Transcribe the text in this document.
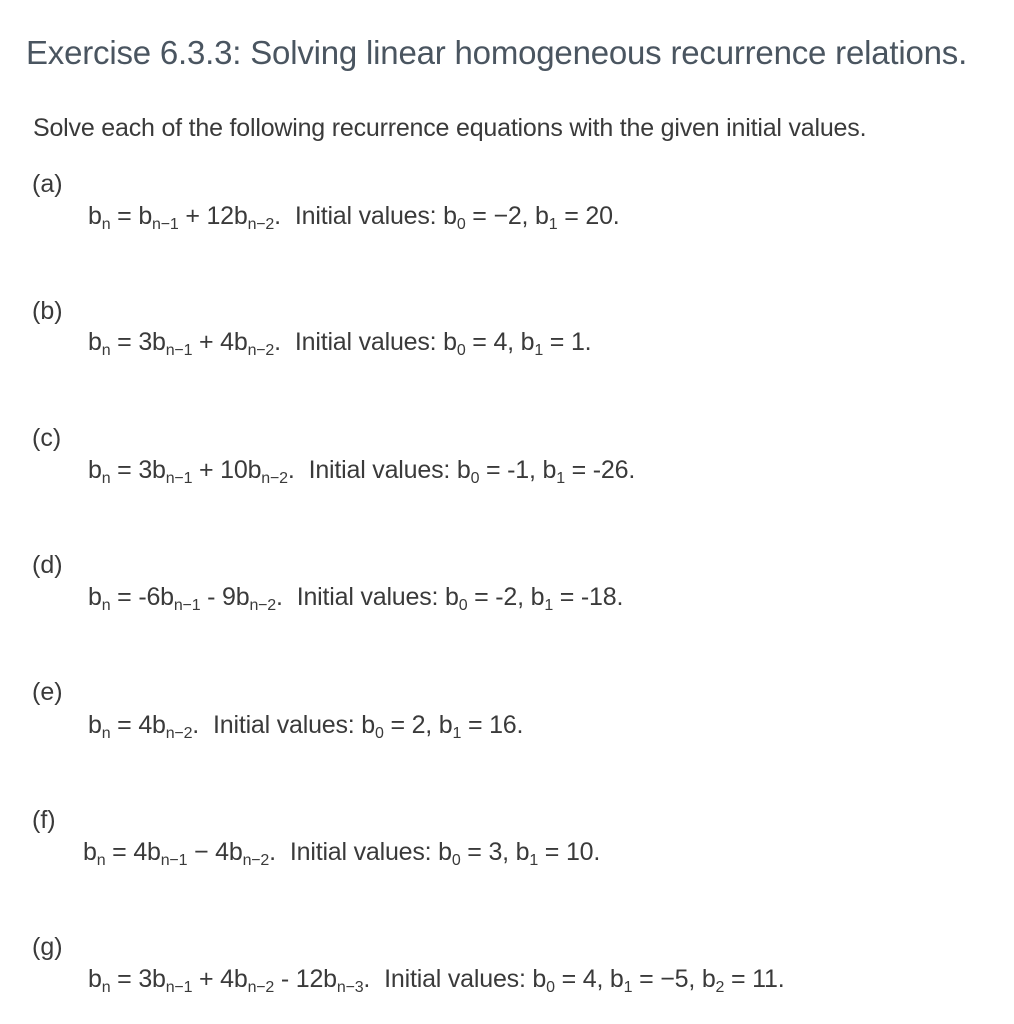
Exercise 6.3.3: Solving linear homogeneous recurrence relations.

Solve each of the following recurrence equations with the given initial values.

(a)
$b_n = b_{n-1} + 12b_{n-2}$. Initial values: $b_0 = -2$, $b_1 = 20$.
(b)
$b_n = 3b_{n-1} + 4b_{n-2}$. Initial values: $b_0 = 4$, $b_1 = 1$.
(c)
$b_n = 3b_{n-1} + 10b_{n-2}$. Initial values: $b_0 = -1$, $b_1 = -26$.
(d)
$b_n = -6b_{n-1} - 9b_{n-2}$. Initial values: $b_0 = -2$, $b_1 = -18$.
(e)
$b_n = 4b_{n-2}$. Initial values: $b_0 = 2$, $b_1 = 16$.
(f)
$b_n = 4b_{n-1} - 4b_{n-2}$. Initial values: $b_0 = 3$, $b_1 = 10$.
(g)
$b_n = 3b_{n-1} + 4b_{n-2} - 12b_{n-3}$. Initial values: $b_0 = 4$, $b_1 = -5$, $b_2 = 11$.
